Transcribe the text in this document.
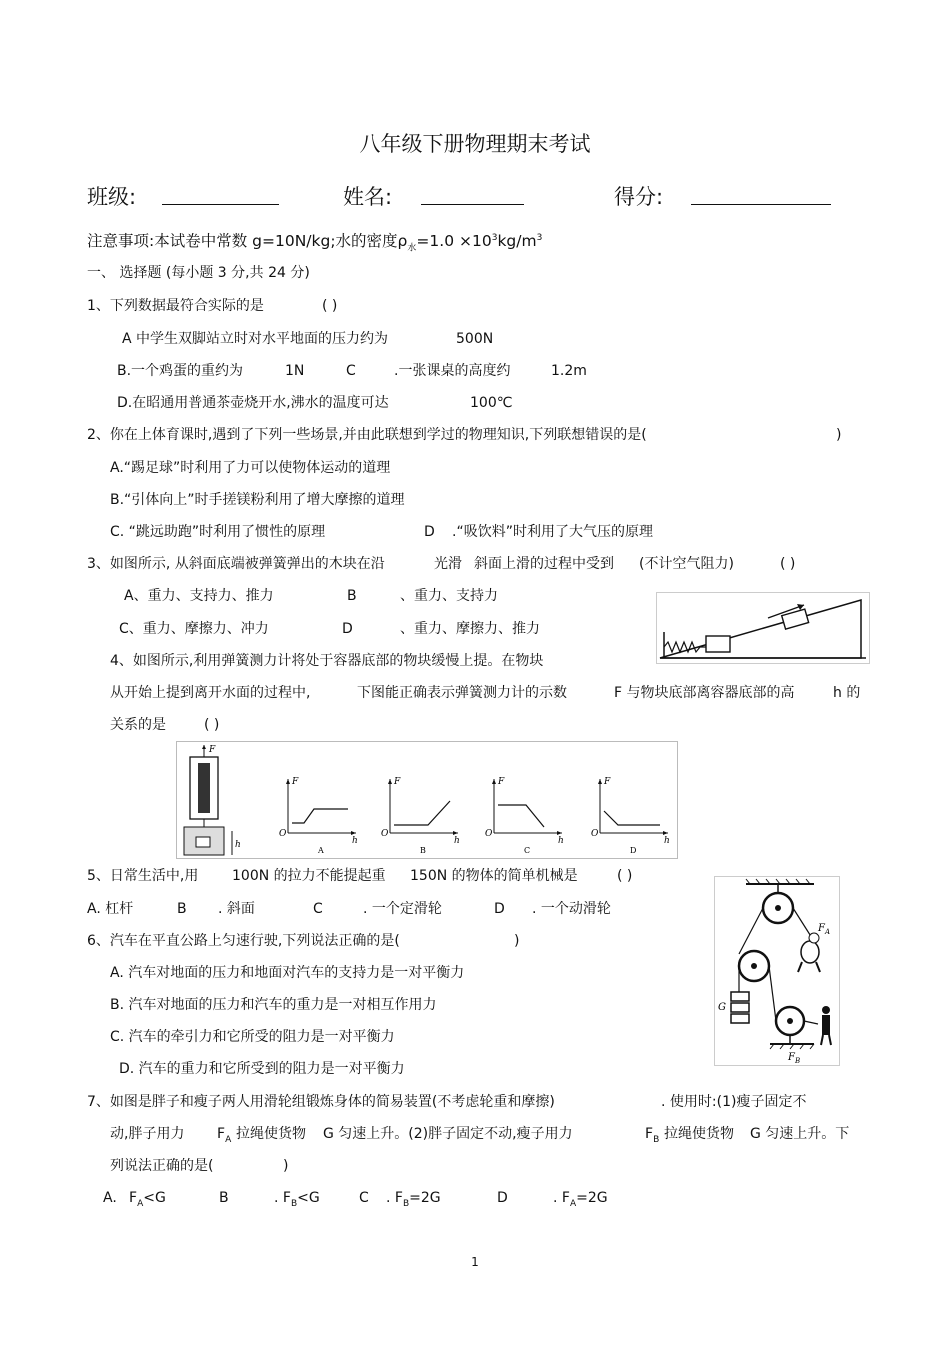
八年级下册物理期末考试
班级:	姓名:	得分:
注意事项:本试卷中常数 g=10N/kg;水的密度$\rho_水=1.0 \times 10^3kg/m^3$
一、 选择题 (每小题 3 分,共 24 分)
1、下列数据最符合实际的是	( )
A 中学生双脚站立时对水平地面的压力约为	500N
B.一个鸡蛋的重约为	1N	C	.一张课桌的高度约	1.2m
D.在昭通用普通茶壶烧开水,沸水的温度可达	100℃
2、你在上体育课时,遇到了下列一些场景,并由此联想到学过的物理知识,下列联想错误的是(	)
A.“踢足球”时利用了力可以使物体运动的道理
B.“引体向上”时手搓镁粉利用了增大摩擦的道理
C. “跳远助跑”时利用了惯性的原理	D .“吸饮料”时利用了大气压的原理
3、如图所示, 从斜面底端被弹簧弹出的木块在沿	光滑 斜面上滑的过程中受到 (不计空气阻力)	( )
A、重力、支持力、推力	B	、重力、支持力
C、重力、摩擦力、冲力	D	、重力、摩擦力、推力
4、如图所示,利用弹簧测力计将处于容器底部的物块缓慢上提。在物块
从开始上提到离开水面的过程中,	下图能正确表示弹簧测力计的示数	F 与物块底部离容器底部的高	h 的
关系的是	( )
F
h
F
h
O
A
F
h
O
B
F
h
O
C
F
h
O
D
5、日常生活中,用 100N 的拉力不能提起重 150N 的物体的简单机械是	( )
A. 杠杆	B . 斜面	C	. 一个定滑轮	D . 一个动滑轮
6、汽车在平直公路上匀速行驶,下列说法正确的是(	)
A. 汽车对地面的压力和地面对汽车的支持力是一对平衡力
B. 汽车对地面的压力和汽车的重力是一对相互作用力
C. 汽车的牵引力和它所受的阻力是一对平衡力
D. 汽车的重力和它所受到的阻力是一对平衡力
G
$F_A$
$F_B$
7、如图是胖子和瘦子两人用滑轮组锻炼身体的简易装置(不考虑轮重和摩擦)	. 使用时:(1)瘦子固定不
动,胖子用力 $F_A$ 拉绳使货物 G 匀速上升。(2)胖子固定不动,瘦子用力	$F_B$ 拉绳使货物 G 匀速上升。下
列说法正确的是(	)
A. $F_A<G$	B	. $F_B<G$	C . $F_B=2G$	D	. $F_A=2G$
1
